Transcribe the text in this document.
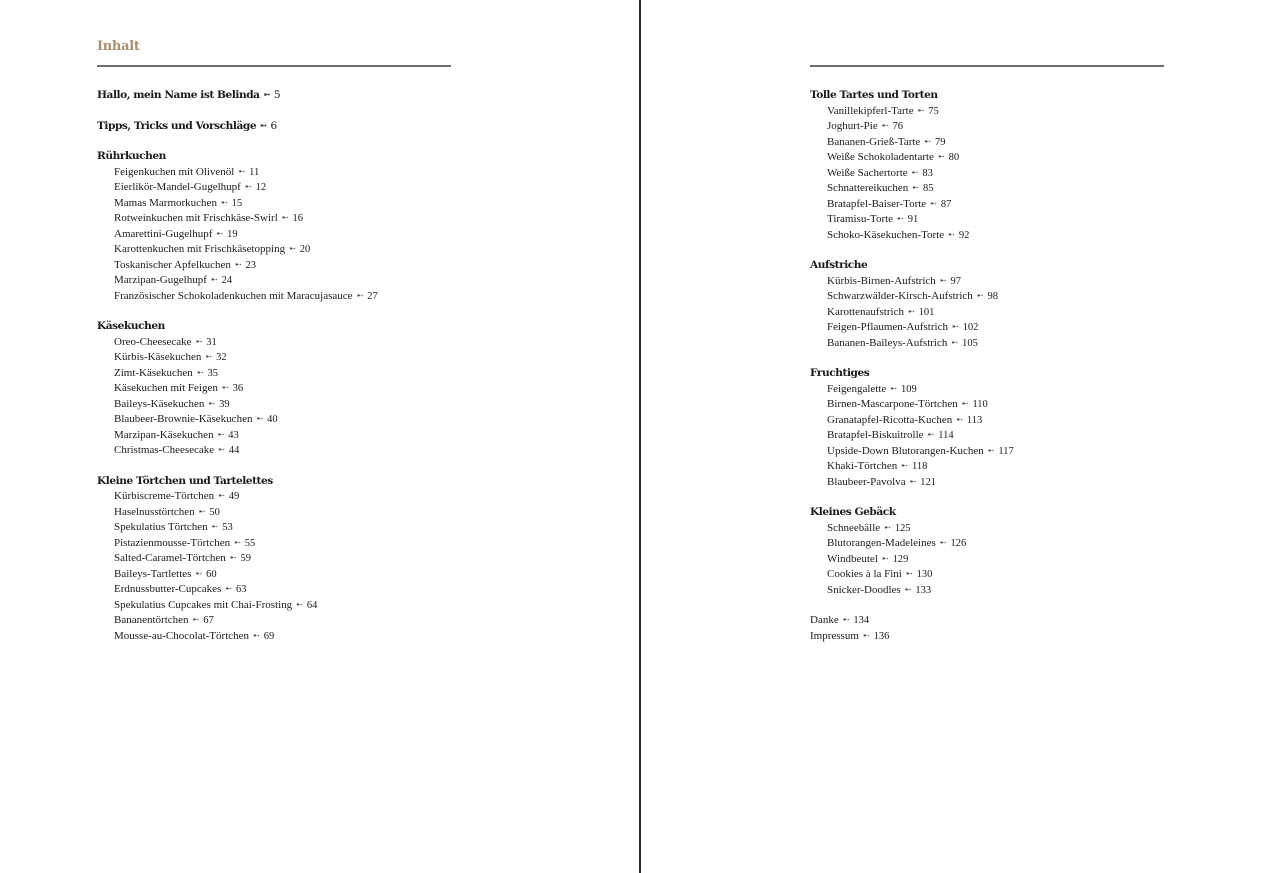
Inhalt
Hallo, mein Name ist Belinda ➸ 5
Tipps, Tricks und Vorschläge ➸ 6
Rührkuchen
Feigenkuchen mit Olivenöl ➸ 11
Eierlikör-Mandel-Gugelhupf ➸ 12
Mamas Marmorkuchen ➸ 15
Rotweinkuchen mit Frischkäse-Swirl ➸ 16
Amarettini-Gugelhupf ➸ 19
Karottenkuchen mit Frischkäsetopping ➸ 20
Toskanischer Apfelkuchen ➸ 23
Marzipan-Gugelhupf ➸ 24
Französischer Schokoladenkuchen mit Maracujasauce ➸ 27
Käsekuchen
Oreo-Cheesecake ➸ 31
Kürbis-Käsekuchen ➸ 32
Zimt-Käsekuchen ➸ 35
Käsekuchen mit Feigen ➸ 36
Baileys-Käsekuchen ➸ 39
Blaubeer-Brownie-Käsekuchen ➸ 40
Marzipan-Käsekuchen ➸ 43
Christmas-Cheesecake ➸ 44
Kleine Törtchen und Tartelettes
Kürbiscreme-Törtchen ➸ 49
Haselnusstörtchen ➸ 50
Spekulatius Törtchen ➸ 53
Pistazienmousse-Törtchen ➸ 55
Salted-Caramel-Törtchen ➸ 59
Baileys-Tartlettes ➸ 60
Erdnussbutter-Cupcakes ➸ 63
Spekulatius Cupcakes mit Chai-Frosting ➸ 64
Bananentörtchen ➸ 67
Mousse-au-Chocolat-Törtchen ➸ 69
Tolle Tartes und Torten
Vanillekipferl-Tarte ➸ 75
Joghurt-Pie ➸ 76
Bananen-Grieß-Tarte ➸ 79
Weiße Schokoladentarte ➸ 80
Weiße Sachertorte ➸ 83
Schnattereikuchen ➸ 85
Bratapfel-Baiser-Torte ➸ 87
Tiramisu-Torte ➸ 91
Schoko-Käsekuchen-Torte ➸ 92
Aufstriche
Kürbis-Birnen-Aufstrich ➸ 97
Schwarzwälder-Kirsch-Aufstrich ➸ 98
Karottenaufstrich ➸ 101
Feigen-Pflaumen-Aufstrich ➸ 102
Bananen-Baileys-Aufstrich ➸ 105
Fruchtiges
Feigengalette ➸ 109
Birnen-Mascarpone-Törtchen ➸ 110
Granatapfel-Ricotta-Kuchen ➸ 113
Bratapfel-Biskuitrolle ➸ 114
Upside-Down Blutorangen-Kuchen ➸ 117
Khaki-Törtchen ➸ 118
Blaubeer-Pavolva ➸ 121
Kleines Gebäck
Schneebälle ➸ 125
Blutorangen-Madeleines ➸ 126
Windbeutel ➸ 129
Cookies à la Fini ➸ 130
Snicker-Doodles ➸ 133
Danke ➸ 134
Impressum ➸ 136
